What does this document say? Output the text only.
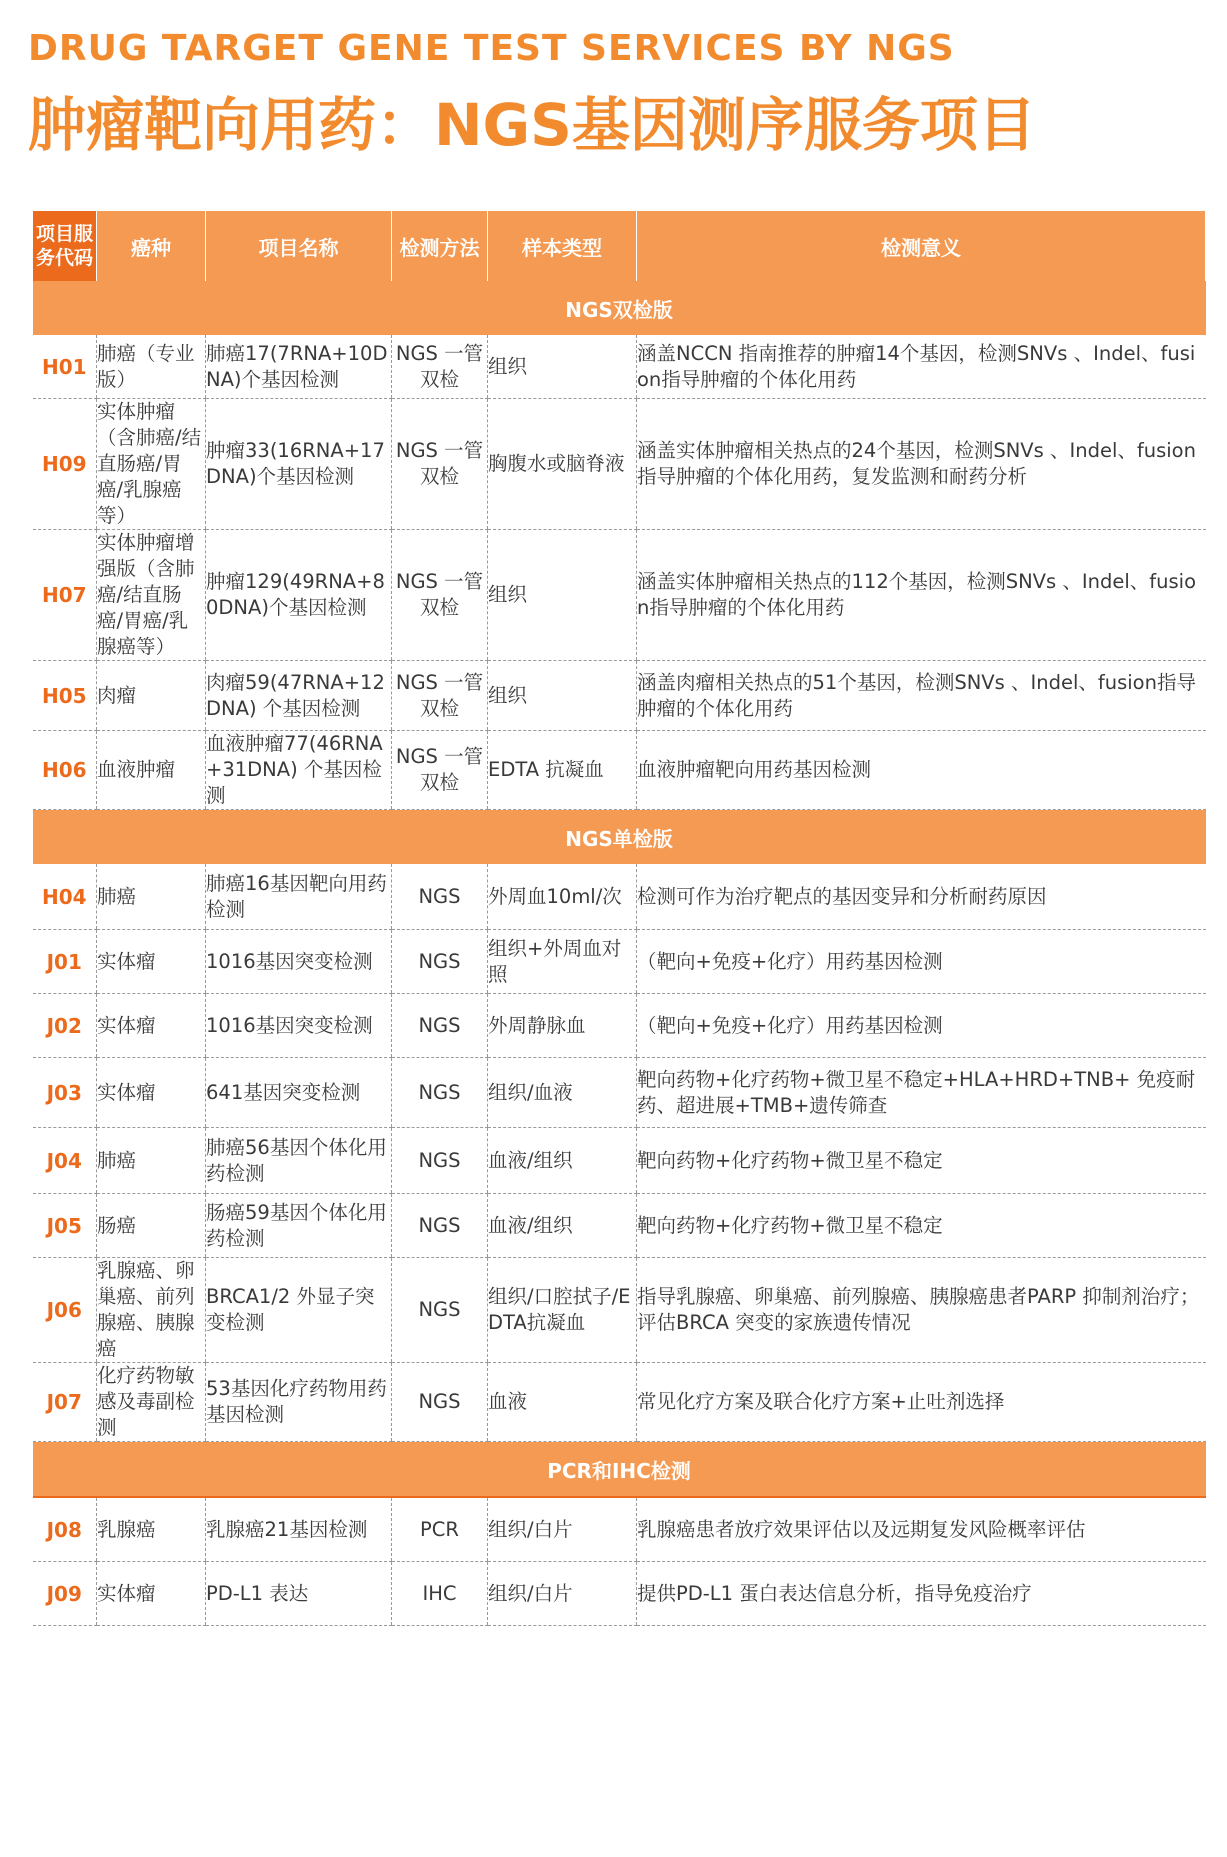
DRUG TARGET GENE TEST SERVICES BY NGS
肿瘤靶向用药：NGS基因测序服务项目
项目服务代码	癌种	项目名称	检测方法	样本类型	检测意义
NGS双检版					
H01	肺癌（专业版）	肺癌17(7RNA+10DNA)个基因检测	NGS 一管双检	组织	涵盖NCCN 指南推荐的肿瘤14个基因，检测SNVs 、Indel、fusion指导肿瘤的个体化用药
H09	实体肿瘤（含肺癌/结直肠癌/胃癌/乳腺癌等）	肿瘤33(16RNA+17DNA)个基因检测	NGS 一管双检	胸腹水或脑脊液	涵盖实体肿瘤相关热点的24个基因，检测SNVs 、Indel、fusion指导肿瘤的个体化用药，复发监测和耐药分析
H07	实体肿瘤增强版（含肺癌/结直肠癌/胃癌/乳腺癌等）	肿瘤129(49RNA+80DNA)个基因检测	NGS 一管双检	组织	涵盖实体肿瘤相关热点的112个基因，检测SNVs 、Indel、fusion指导肿瘤的个体化用药
H05	肉瘤	肉瘤59(47RNA+12DNA) 个基因检测	NGS 一管双检	组织	涵盖肉瘤相关热点的51个基因，检测SNVs 、Indel、fusion指导肿瘤的个体化用药
H06	血液肿瘤	血液肿瘤77(46RNA+31DNA) 个基因检测	NGS 一管双检	EDTA 抗凝血	血液肿瘤靶向用药基因检测
NGS单检版					
H04	肺癌	肺癌16基因靶向用药检测	NGS	外周血10ml/次	检测可作为治疗靶点的基因变异和分析耐药原因
J01	实体瘤	1016基因突变检测	NGS	组织+外周血对照	（靶向+免疫+化疗）用药基因检测
J02	实体瘤	1016基因突变检测	NGS	外周静脉血	（靶向+免疫+化疗）用药基因检测
J03	实体瘤	641基因突变检测	NGS	组织/血液	靶向药物+化疗药物+微卫星不稳定+HLA+HRD+TNB+ 免疫耐药、超进展+TMB+遗传筛查
J04	肺癌	肺癌56基因个体化用药检测	NGS	血液/组织	靶向药物+化疗药物+微卫星不稳定
J05	肠癌	肠癌59基因个体化用药检测	NGS	血液/组织	靶向药物+化疗药物+微卫星不稳定
J06	乳腺癌、卵巢癌、前列腺癌、胰腺癌	BRCA1/2 外显子突变检测	NGS	组织/口腔拭子/EDTA抗凝血	指导乳腺癌、卵巢癌、前列腺癌、胰腺癌患者PARP 抑制剂治疗；评估BRCA 突变的家族遗传情况
J07	化疗药物敏感及毒副检测	53基因化疗药物用药基因检测	NGS	血液	常见化疗方案及联合化疗方案+止吐剂选择
PCR和IHC检测					
J08	乳腺癌	乳腺癌21基因检测	PCR	组织/白片	乳腺癌患者放疗效果评估以及远期复发风险概率评估
J09	实体瘤	PD-L1 表达	IHC	组织/白片	提供PD-L1 蛋白表达信息分析，指导免疫治疗
